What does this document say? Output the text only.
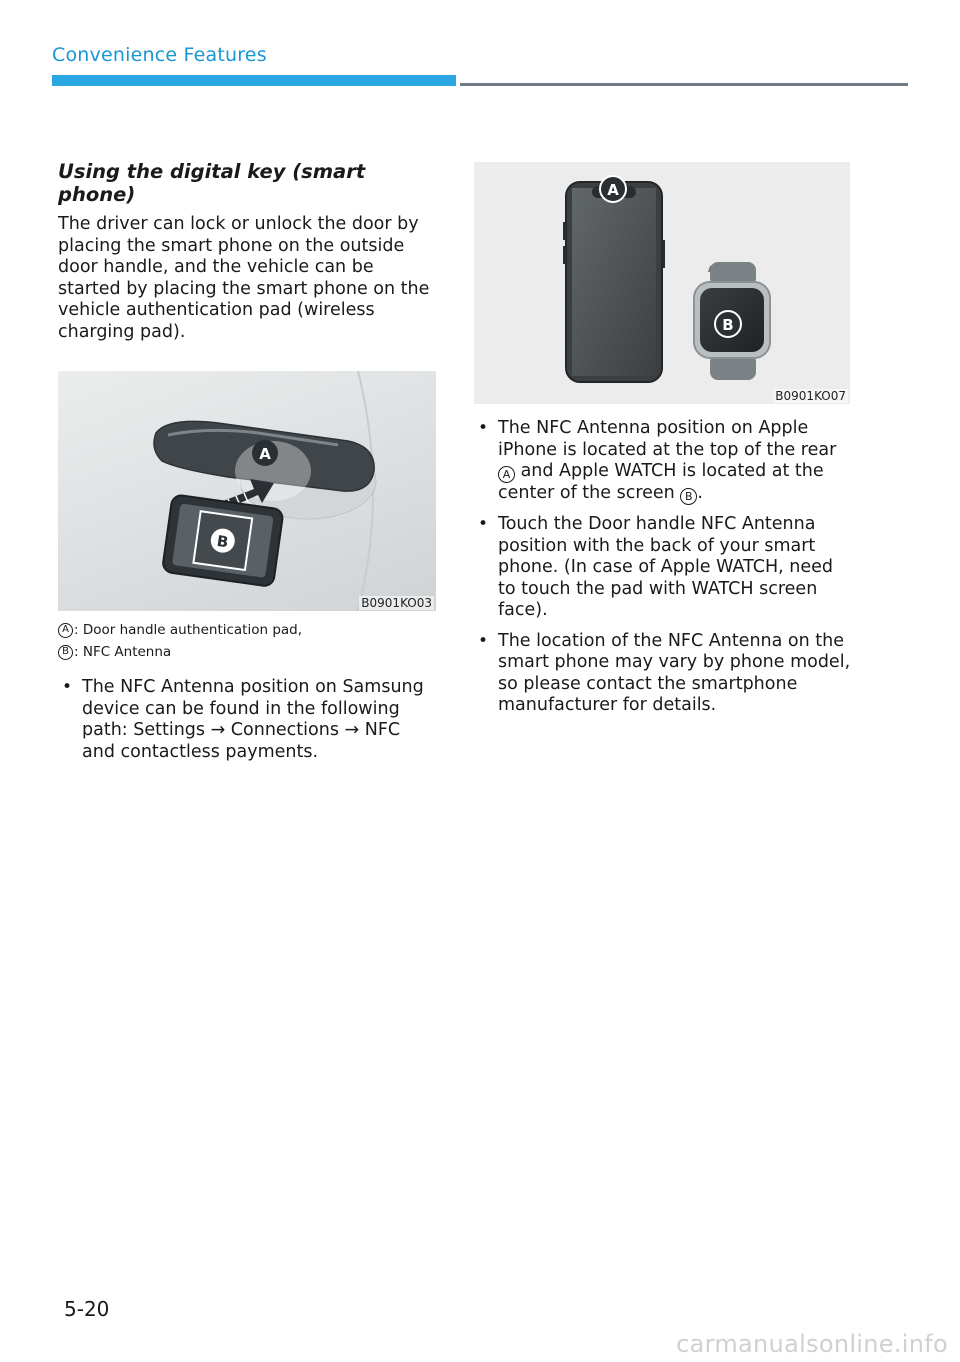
Convenience Features
Using the digital key (smart phone)

The driver can lock or unlock the door by placing the smart phone on the outside door handle, and the vehicle can be started by placing the smart phone on the vehicle authentication pad (wireless charging pad).

A
B
B0901KO03
A : Door handle authentication pad,
B : NFC Antenna
• The NFC Antenna position on Samsung device can be found in the following path: Settings → Connections → NFC and contactless payments.
A
B
B0901KO07
• The NFC Antenna position on Apple iPhone is located at the top of the rear A and Apple WATCH is located at the center of the screen B .
• Touch the Door handle NFC Antenna position with the back of your smart phone. (In case of Apple WATCH, need to touch the pad with WATCH screen face).
• The location of the NFC Antenna on the smart phone may vary by phone model, so please contact the smartphone manufacturer for details.
5-20
carmanualsonline.info
